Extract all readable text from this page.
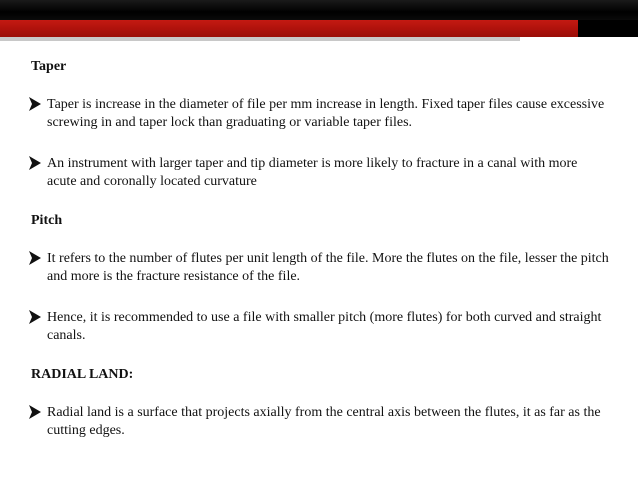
Taper
Taper is increase in the diameter of file per mm increase in length. Fixed taper files cause excessive screwing in and taper lock than graduating or variable taper files.
An instrument with larger taper and tip diameter is more likely to fracture in a canal with more acute and coronally located curvature
Pitch
It refers to the number of flutes per unit length of the file. More the flutes on the file, lesser the pitch and more is the fracture resistance of the file.
Hence, it is recommended to use a file with smaller pitch (more flutes) for both curved and straight canals.
RADIAL LAND:
Radial land is a surface that projects axially from the central axis between the flutes, it as far as the cutting edges.
